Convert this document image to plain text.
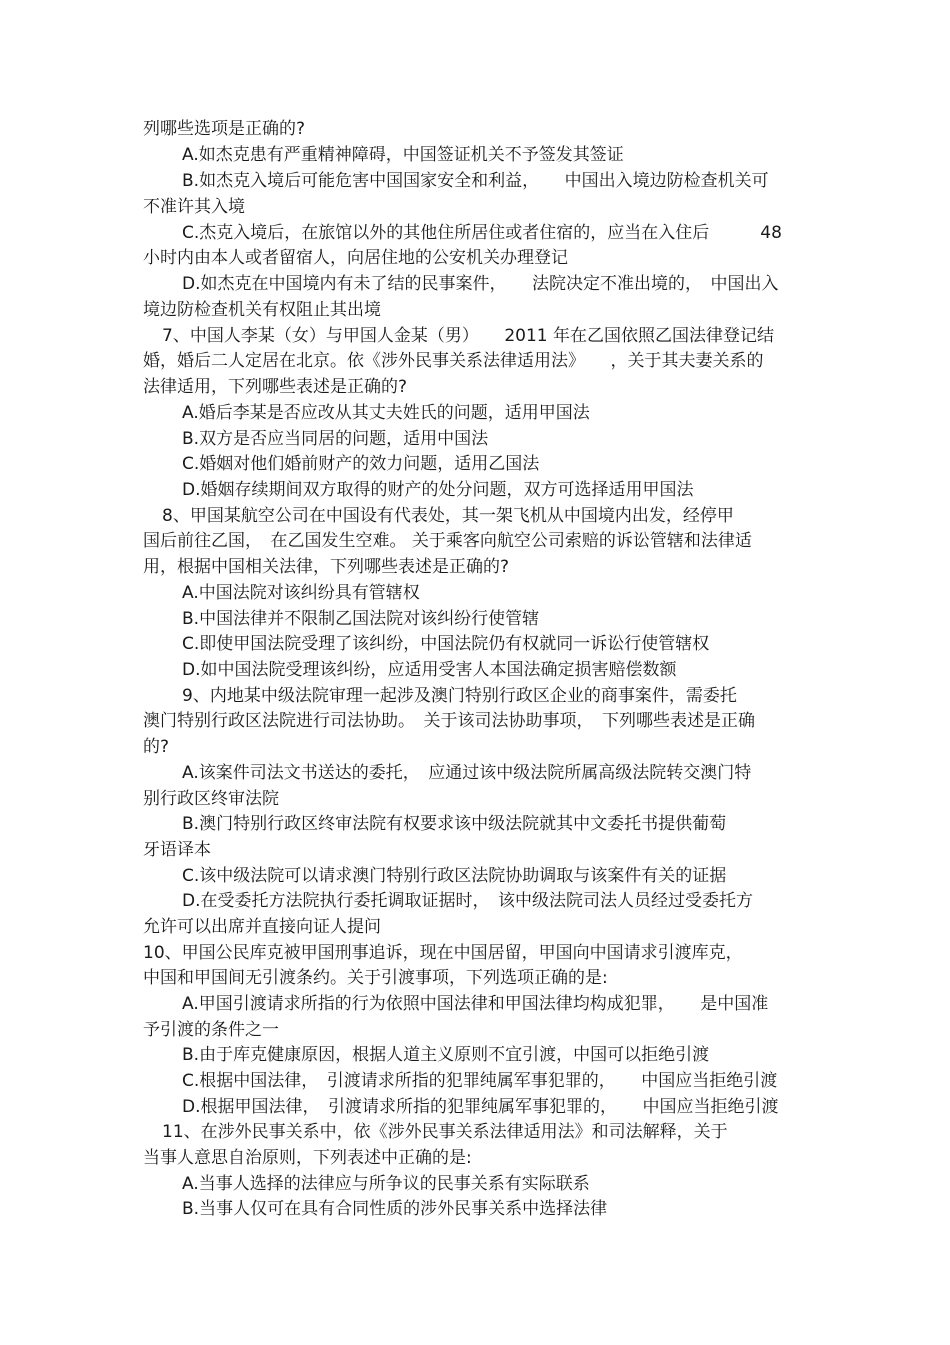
列哪些选项是正确的?
A.如杰克患有严重精神障碍，中国签证机关不予签发其签证
B.如杰克入境后可能危害中国国家安全和利益，　　中国出入境边防检查机关可
不准许其入境
C.杰克入境后，在旅馆以外的其他住所居住或者住宿的，应当在入住后　　　48
小时内由本人或者留宿人，向居住地的公安机关办理登记
D.如杰克在中国境内有未了结的民事案件，　　法院决定不准出境的，　中国出入
境边防检查机关有权阻止其出境
7、中国人李某（女）与甲国人金某（男）　　2011 年在乙国依照乙国法律登记结
婚，婚后二人定居在北京。依《涉外民事关系法律适用法》　　，关于其夫妻关系的
法律适用，下列哪些表述是正确的?
A.婚后李某是否应改从其丈夫姓氏的问题，适用甲国法
B.双方是否应当同居的问题，适用中国法
C.婚姻对他们婚前财产的效力问题，适用乙国法
D.婚姻存续期间双方取得的财产的处分问题，双方可选择适用甲国法
8、甲国某航空公司在中国设有代表处，其一架飞机从中国境内出发，经停甲
国后前往乙国，　在乙国发生空难。 关于乘客向航空公司索赔的诉讼管辖和法律适
用，根据中国相关法律，下列哪些表述是正确的?
A.中国法院对该纠纷具有管辖权
B.中国法律并不限制乙国法院对该纠纷行使管辖
C.即使甲国法院受理了该纠纷，中国法院仍有权就同一诉讼行使管辖权
D.如中国法院受理该纠纷，应适用受害人本国法确定损害赔偿数额
9、内地某中级法院审理一起涉及澳门特别行政区企业的商事案件，需委托
澳门特别行政区法院进行司法协助。　关于该司法协助事项，　下列哪些表述是正确
的?
A.该案件司法文书送达的委托，　应通过该中级法院所属高级法院转交澳门特
别行政区终审法院
B.澳门特别行政区终审法院有权要求该中级法院就其中文委托书提供葡萄
牙语译本
C.该中级法院可以请求澳门特别行政区法院协助调取与该案件有关的证据
D.在受委托方法院执行委托调取证据时，　该中级法院司法人员经过受委托方
允许可以出席并直接向证人提问
10、甲国公民库克被甲国刑事追诉，现在中国居留，甲国向中国请求引渡库克，
中国和甲国间无引渡条约。关于引渡事项，下列选项正确的是:
A.甲国引渡请求所指的行为依照中国法律和甲国法律均构成犯罪，　　是中国准
予引渡的条件之一
B.由于库克健康原因，根据人道主义原则不宜引渡，中国可以拒绝引渡
C.根据中国法律，　引渡请求所指的犯罪纯属军事犯罪的，　　中国应当拒绝引渡
D.根据甲国法律，　引渡请求所指的犯罪纯属军事犯罪的，　　中国应当拒绝引渡
11、在涉外民事关系中，依《涉外民事关系法律适用法》和司法解释，关于
当事人意思自治原则，下列表述中正确的是:
A.当事人选择的法律应与所争议的民事关系有实际联系
B.当事人仅可在具有合同性质的涉外民事关系中选择法律
